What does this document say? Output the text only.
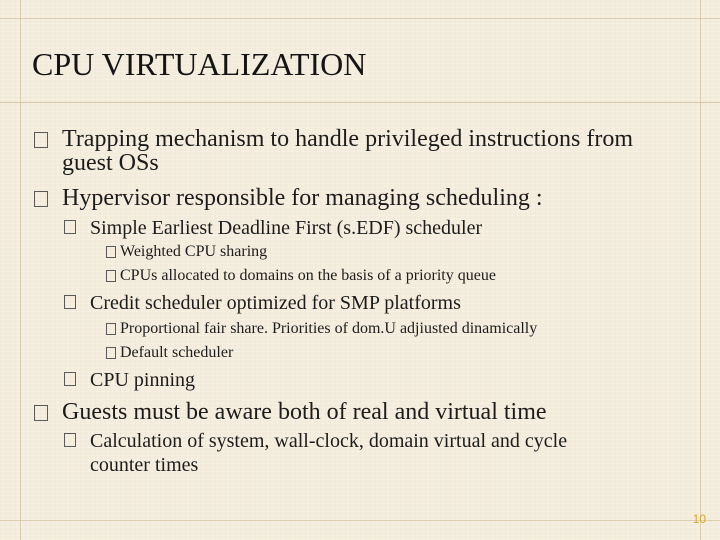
CPU VIRTUALIZATION
Trapping mechanism to handle privileged instructions from
guest OSs
Hypervisor responsible for managing scheduling :
Simple Earliest Deadline First (s.EDF) scheduler
Weighted CPU sharing
CPUs allocated to domains on the basis of a priority queue
Credit scheduler optimized for SMP platforms
Proportional fair share. Priorities of dom.U adjiusted dinamically
Default scheduler
CPU pinning
Guests must be aware both of real and virtual time
Calculation of system, wall-clock, domain virtual and cycle
counter times
10
